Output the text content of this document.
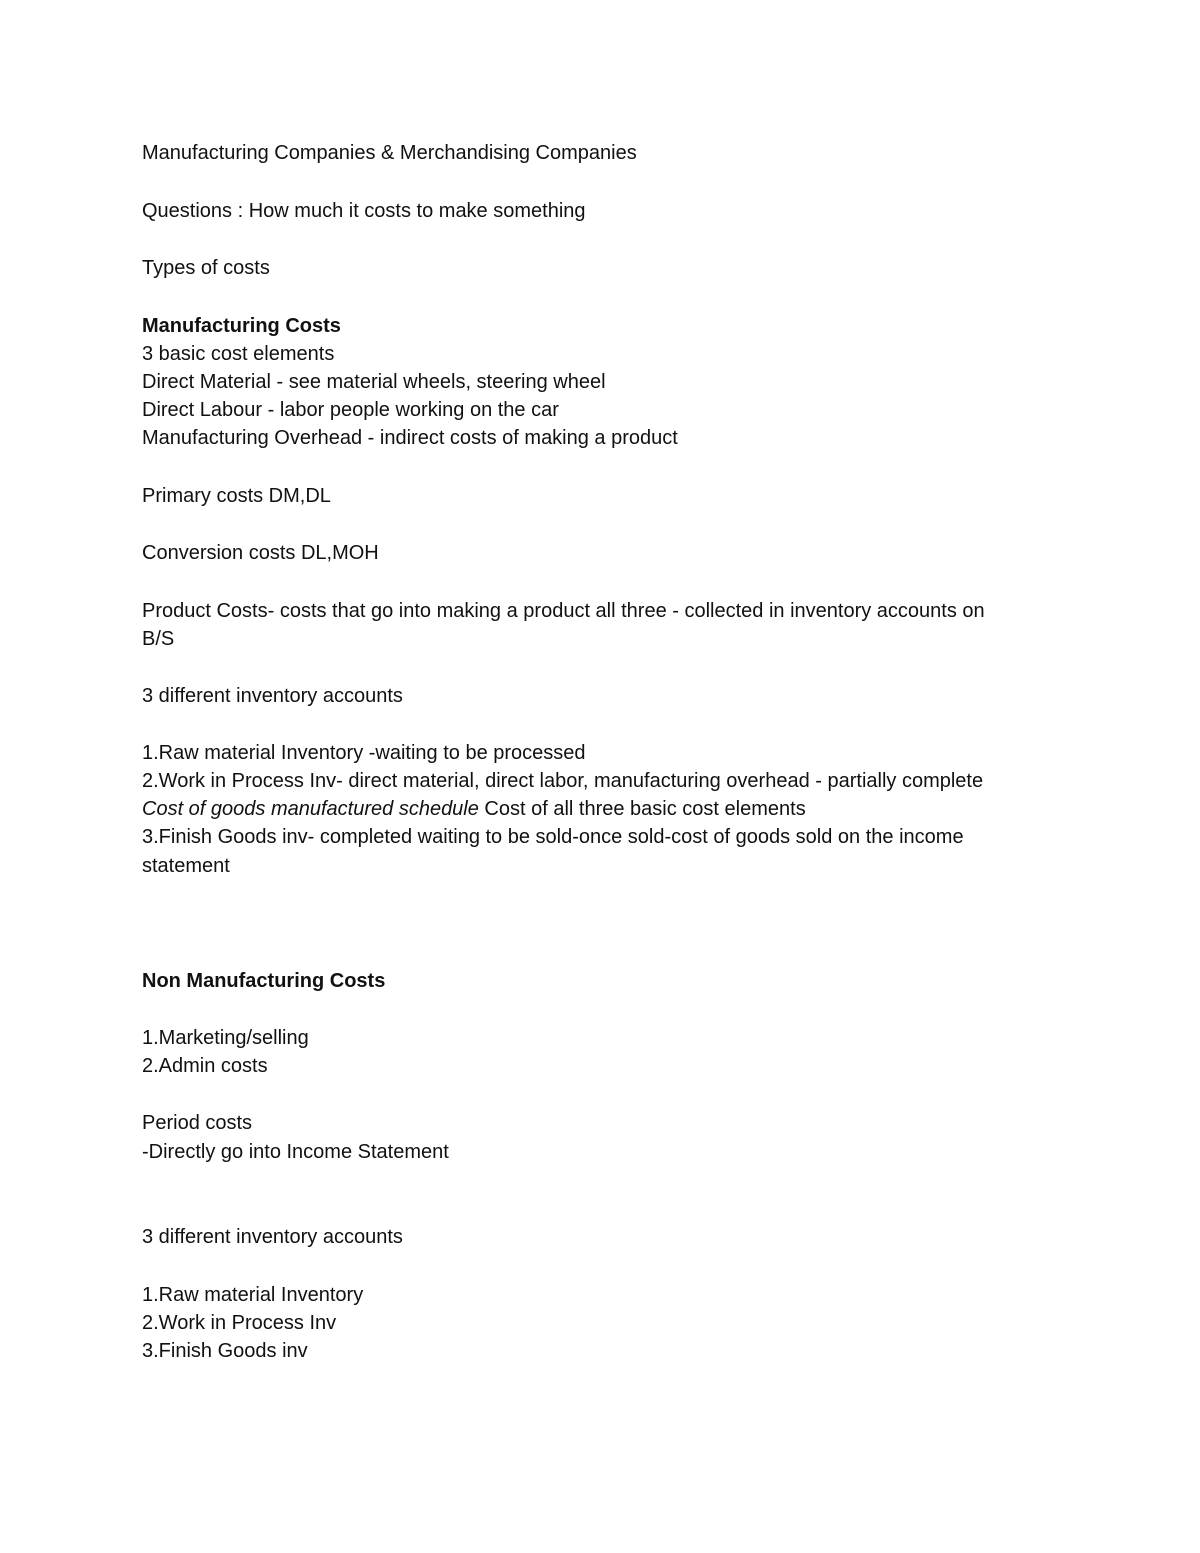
Manufacturing Companies & Merchandising Companies

Questions : How much it costs to make something

Types of costs

Manufacturing Costs

3 basic cost elements

Direct Material - see material wheels, steering wheel

Direct Labour - labor people working on the car

Manufacturing Overhead - indirect costs of making a product

Primary costs DM,DL

Conversion costs DL,MOH

Product Costs- costs that go into making a product all three - collected in inventory accounts on

B/S

3 different inventory accounts

1.Raw material Inventory -waiting to be processed

2.Work in Process Inv- direct material, direct labor, manufacturing overhead - partially complete

Cost of goods manufactured schedule Cost of all three basic cost elements

3.Finish Goods inv- completed waiting to be sold-once sold-cost of goods sold on the income

statement

Non Manufacturing Costs

1.Marketing/selling

2.Admin costs

Period costs

-Directly go into Income Statement

3 different inventory accounts

1.Raw material Inventory

2.Work in Process Inv

3.Finish Goods inv
